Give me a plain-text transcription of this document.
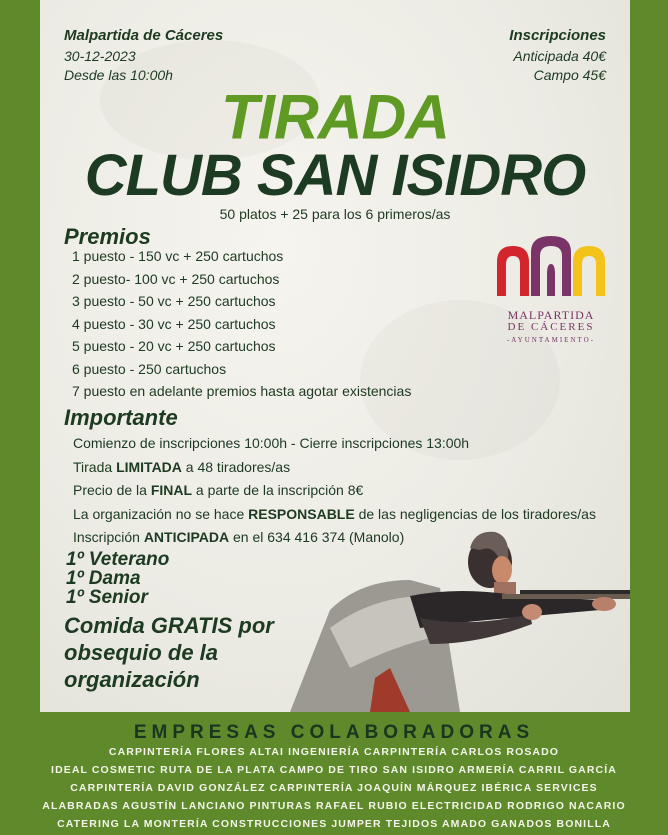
Malpartida de Cáceres
30-12-2023
Desde las 10:00h
Inscripciones
Anticipada 40€
Campo 45€
TIRADA
CLUB SAN ISIDRO
50 platos + 25 para los 6 primeros/as
Premios
1 puesto - 150 vc + 250 cartuchos
2 puesto- 100 vc + 250 cartuchos
3 puesto - 50 vc + 250 cartuchos
4 puesto - 30 vc + 250 cartuchos
5 puesto - 20 vc + 250 cartuchos
6 puesto - 250 cartuchos
7 puesto en adelante premios hasta agotar existencias
Importante
Comienzo de inscripciones 10:00h - Cierre inscripciones 13:00h
Tirada LIMITADA a 48 tiradores/as
Precio de la FINAL a parte de la inscripción 8€
La organización no se hace RESPONSABLE de las negligencias de los tiradores/as
Inscripción ANTICIPADA en el 634 416 374 (Manolo)
1º Veterano
1º Dama
1º Senior
Comida GRATIS por obsequio de la organización
MALPARTIDA
DE CÁCERES
-AYUNTAMIENTO-
EMPRESAS COLABORADORAS
CARPINTERÍA FLORES ALTAI INGENIERÍA CARPINTERÍA CARLOS ROSADO
IDEAL COSMETIC RUTA DE LA PLATA CAMPO DE TIRO SAN ISIDRO ARMERÍA CARRIL GARCÍA
CARPINTERÍA DAVID GONZÁLEZ CARPINTERÍA JOAQUÍN MÁRQUEZ IBÉRICA SERVICES
ALABRADAS AGUSTÍN LANCIANO PINTURAS RAFAEL RUBIO ELECTRICIDAD RODRIGO NACARIO
CATERING LA MONTERÍA CONSTRUCCIONES JUMPER TEJIDOS AMADO GANADOS BONILLA
